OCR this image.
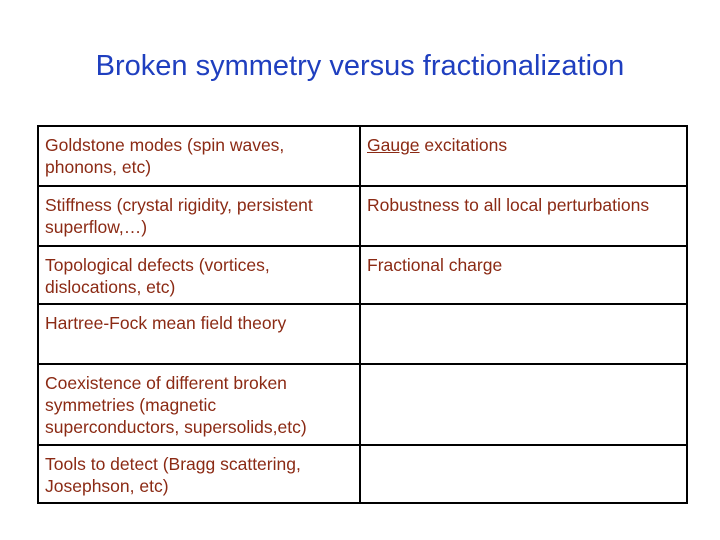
Broken symmetry versus fractionalization
Goldstone modes (spin waves, phonons, etc)	Gauge excitations
Stiffness (crystal rigidity, persistent superflow,…)	Robustness to all local perturbations
Topological defects (vortices, dislocations, etc)	Fractional charge
Hartree-Fock mean field theory	
Coexistence of different broken symmetries (magnetic superconductors, supersolids,etc)	
Tools to detect (Bragg scattering, Josephson, etc)	
